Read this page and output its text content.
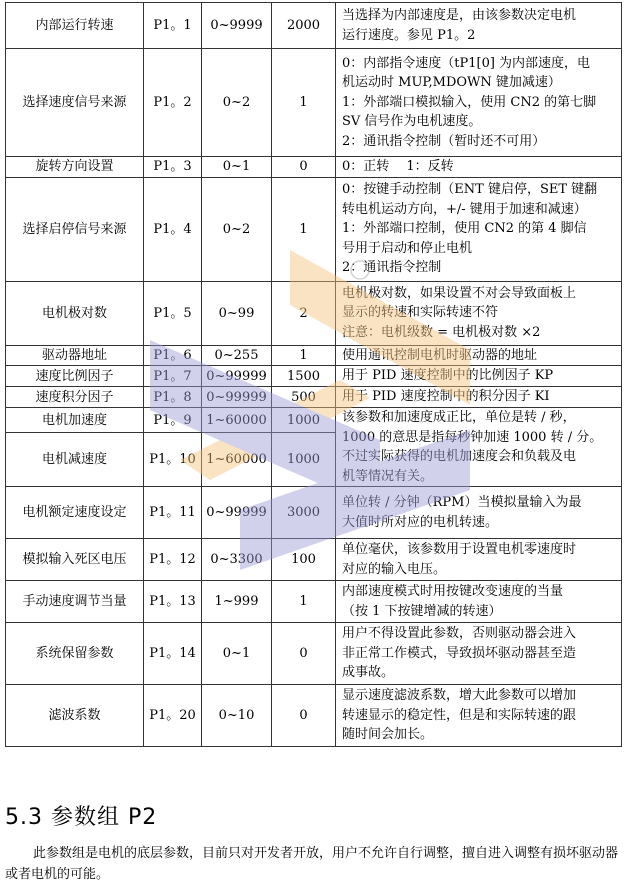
内部运行转速	P1。1	0~9999	2000	当选择为内部速度是，由该参数决定电机
运行速度。参见 P1。2

选择速度信号来源	P1。2	0~2	1	0：内部指令速度（tP1[0] 为内部速度，电
机运动时 MUP,MDOWN 键加减速）
1：外部端口模拟输入，使用 CN2 的第七脚
SV 信号作为电机速度。
2：通讯指令控制（暂时还不可用）

旋转方向设置	P1。3	0~1	0	0：正转　 1：反转

选择启停信号来源	P1。4	0~2	1	0：按键手动控制（ENT 键启停，SET 键翻
转电机运动方向，+/- 键用于加速和减速）
1：外部端口控制，使用 CN2 的第 4 脚信
号用于启动和停止电机
2：通讯指令控制

电机极对数	P1。5	0~99	2	电机极对数，如果设置不对会导致面板上
显示的转速和实际转速不符
注意：电机级数 = 电机极对数 ×2

驱动器地址	P1。6	0~255	1	使用通讯控制电机时驱动器的地址

速度比例因子	P1。7	0~99999	1500	用于 PID 速度控制中的比例因子 KP

速度积分因子	P1。8	0~99999	500	用于 PID 速度控制中的积分因子 KI

电机加速度	P1。9	1~60000	1000	该参数和加速度成正比，单位是转 / 秒，
1000 的意思是指每秒钟加速 1000 转 / 分。
不过实际获得的电机加速度会和负载及电
机等情况有关。

电机减速度	P1。10	1~60000	1000	
电机额定速度设定	P1。11	0~99999	3000	单位转 / 分钟（RPM）当模拟量输入为最
大值时所对应的电机转速。

模拟输入死区电压	P1。12	0~3300	100	单位毫伏，该参数用于设置电机零速度时
对应的输入电压。

手动速度调节当量	P1。13	1~999	1	内部速度模式时用按键改变速度的当量
（按 1 下按键增减的转速）

系统保留参数	P1。14	0~1	0	用户不得设置此参数，否则驱动器会进入
非正常工作模式，导致损坏驱动器甚至造
成事故。

滤波系数	P1。20	0~10	0	显示速度滤波系数，增大此参数可以增加
转速显示的稳定性，但是和实际转速的跟
随时间会加长。
5.3 参数组 P2

此参数组是电机的底层参数，目前只对开发者开放，用户不允许自行调整，擅自进入调整有损坏驱动器或者电机的可能。
